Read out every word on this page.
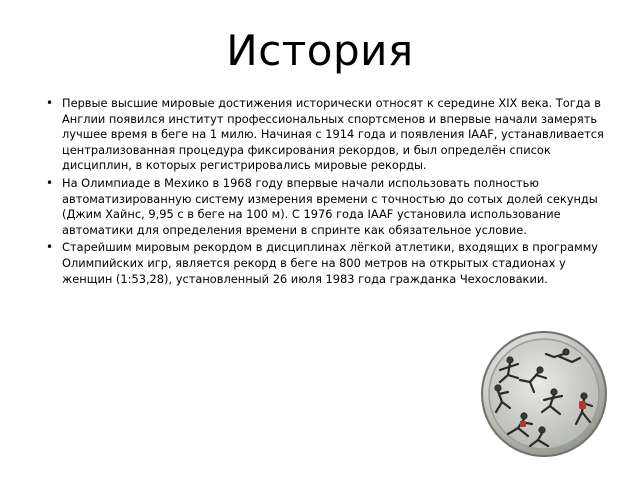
История
• Первые высшие мировые достижения исторически относят к середине XIX века. Тогда в Англии появился институт профессиональных спортсменов и впервые начали замерять лучшее время в беге на 1 милю. Начиная с 1914 года и появления IAAF, устанавливается централизованная процедура фиксирования рекордов, и был определён список дисциплин, в которых регистрировались мировые рекорды.
• На Олимпиаде в Мехико в 1968 году впервые начали использовать полностью автоматизированную систему измерения времени с точностью до сотых долей секунды (Джим Хайнс, 9,95 с в беге на 100 м). С 1976 года IAAF установила использование автоматики для определения времени в спринте как обязательное условие.
• Старейшим мировым рекордом в дисциплинах лёгкой атлетики, входящих в программу Олимпийских игр, является рекорд в беге на 800 метров на открытых стадионах у женщин (1:53,28), установленный 26 июля 1983 года гражданка Чехословакии.
